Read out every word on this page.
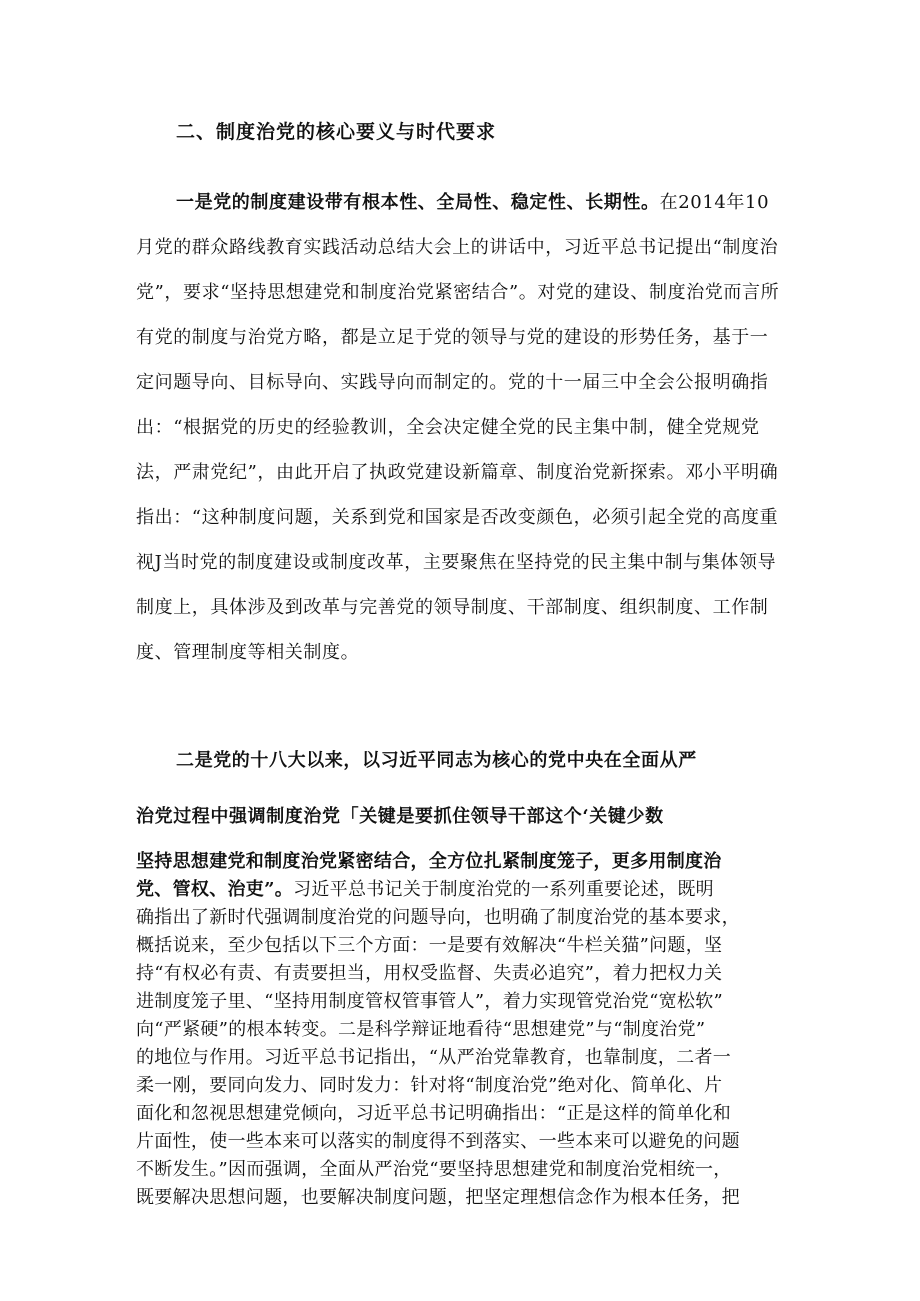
二、制度治党的核心要义与时代要求
一是党的制度建设带有根本性、全局性、稳定性、长期性。在2014年10月党的群众路线教育实践活动总结大会上的讲话中，习近平总书记提出“制度治党”，要求“坚持思想建党和制度治党紧密结合”。对党的建设、制度治党而言所有党的制度与治党方略，都是立足于党的领导与党的建设的形势任务，基于一定问题导向、目标导向、实践导向而制定的。党的十一届三中全会公报明确指出：“根据党的历史的经验教训，全会决定健全党的民主集中制，健全党规党法，严肃党纪”，由此开启了执政党建设新篇章、制度治党新探索。邓小平明确指出：“这种制度问题，关系到党和国家是否改变颜色，必须引起全党的高度重视J当时党的制度建设或制度改革，主要聚焦在坚持党的民主集中制与集体领导制度上，具体涉及到改革与完善党的领导制度、干部制度、组织制度、工作制度、管理制度等相关制度。
二是党的十八大以来，以习近平同志为核心的党中央在全面从严
治党过程中强调制度治党「关键是要抓住领导干部这个‘关键少数
坚持思想建党和制度治党紧密结合，全方位扎紧制度笼子，更多用制度治
党、管权、治吏”。习近平总书记关于制度治党的一系列重要论述，既明
确指出了新时代强调制度治党的问题导向，也明确了制度治党的基本要求，
概括说来，至少包括以下三个方面：一是要有效解决“牛栏关猫”问题，坚
持“有权必有责、有责要担当，用权受监督、失责必追究”，着力把权力关
进制度笼子里、“坚持用制度管权管事管人”，着力实现管党治党“宽松软”
向“严紧硬”的根本转变。二是科学辩证地看待“思想建党”与“制度治党”
的地位与作用。习近平总书记指出，“从严治党靠教育，也靠制度，二者一
柔一刚，要同向发力、同时发力：针对将“制度治党”绝对化、简单化、片
面化和忽视思想建党倾向，习近平总书记明确指出：“正是这样的简单化和
片面性，使一些本来可以落实的制度得不到落实、一些本来可以避免的问题
不断发生。”因而强调，全面从严治党“要坚持思想建党和制度治党相统一，
既要解决思想问题，也要解决制度问题，把坚定理想信念作为根本任务，把
